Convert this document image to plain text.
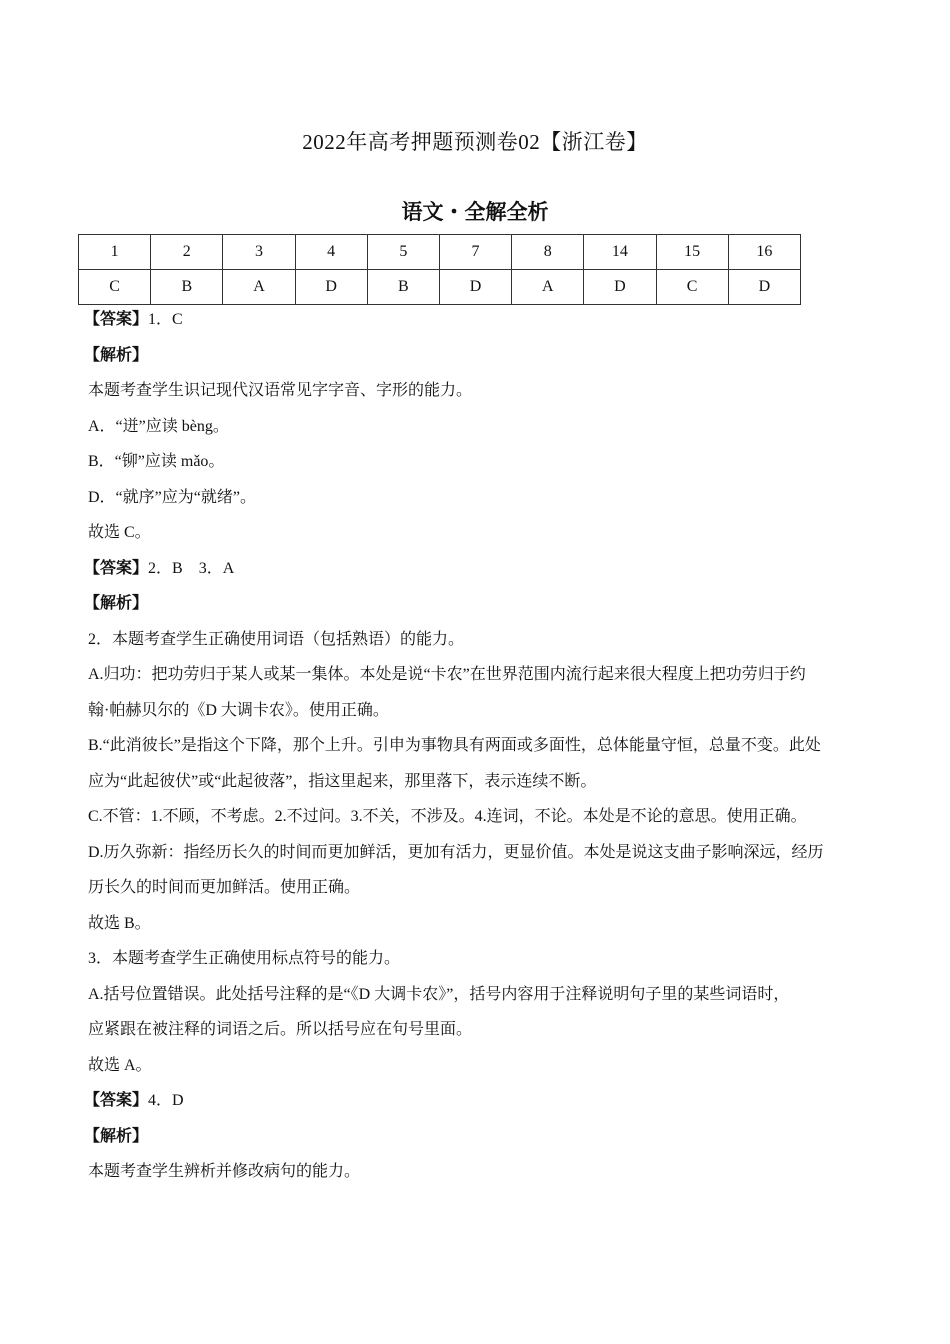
2022年高考押题预测卷02【浙江卷】
语文・全解全析
1	2	3	4	5	7	8	14	15	16
C	B	A	D	B	D	A	D	C	D
【答案】1．C
【解析】
本题考查学生识记现代汉语常见字字音、字形的能力。
A．“迸”应读 bèng。
B．“铆”应读 mǎo。
D．“就序”应为“就绪”。
故选 C。
【答案】2．B　3．A
【解析】
2．本题考查学生正确使用词语（包括熟语）的能力。
A.归功：把功劳归于某人或某一集体。本处是说“卡农”在世界范围内流行起来很大程度上把功劳归于约
翰·帕赫贝尔的《D 大调卡农》。使用正确。
B.“此消彼长”是指这个下降，那个上升。引申为事物具有两面或多面性，总体能量守恒，总量不变。此处
应为“此起彼伏”或“此起彼落”，指这里起来，那里落下，表示连续不断。
C.不管：1.不顾，不考虑。2.不过问。3.不关，不涉及。4.连词，不论。本处是不论的意思。使用正确。
D.历久弥新：指经历长久的时间而更加鲜活，更加有活力，更显价值。本处是说这支曲子影响深远，经历
历长久的时间而更加鲜活。使用正确。
故选 B。
3．本题考查学生正确使用标点符号的能力。
A.括号位置错误。此处括号注释的是“《D 大调卡农》”，括号内容用于注释说明句子里的某些词语时，
应紧跟在被注释的词语之后。所以括号应在句号里面。
故选 A。
【答案】4．D
【解析】
本题考查学生辨析并修改病句的能力。
